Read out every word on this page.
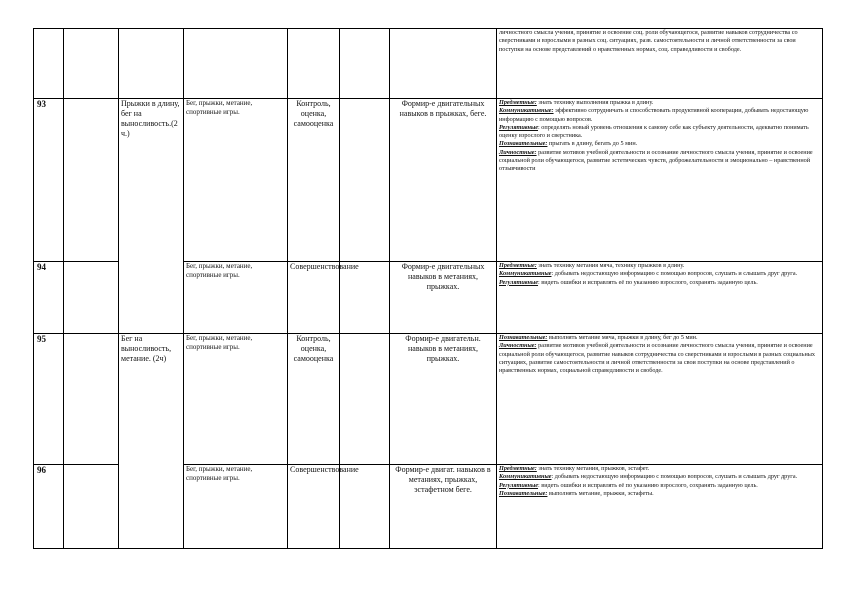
							личностного смысла учения, принятие и освоение соц. роли обучающегося, развитие навыков сотрудничества со сверстниками и взрослыми в разных соц. ситуациях, разв. самостоятельности и личной ответственности за свои поступки на основе представлений о нравственных нормах, соц. справедливости и свободе.

93		Прыжки в длину, бег на выносливость.(2 ч.)	Бег, прыжки, метание, спортивные игры.	Контроль, оценка, самооценка		Формир-е двигательных навыков в прыжках, беге.	Предметные: знать технику выполнения прыжка в длину.

Коммуникативные: эффективно сотрудничать и способствовать продуктивной кооперации, добывать недостающую информацию с помощью вопросов.

Регулятивные: определять новый уровень отношения к самому себе как субъекту деятельности, адекватно понимать оценку взрослого и сверстника.

Познавательные: прыгать в длину, бегать до 5 мин.

Личностные: развитие мотивов учебной деятельности и осознание личностного смысла учения, принятие и освоение социальной роли обучающегося, развитие эстетических чувств, доброжелательности и эмоционально – нравственной отзывчивости

94			Бег, прыжки, метание, спортивные игры.	Совершенствование		Формир-е двигательных навыков в метаниях, прыжках.	Предметные: знать технику метания мяча, технику прыжков в длину.

Коммуникативные: добывать недостающую информацию с помощью вопросов, слушать и слышать друг друга.

Регулятивные: видеть ошибки и исправлять её по указанию взрослого, сохранять заданную цель.

95		Бег на выносливость, метание. (2ч)	Бег, прыжки, метание, спортивные игры.	Контроль, оценка, самооценка		Формир-е двигательн. навыков в метаниях, прыжках.	Познавательные: выполнять метание мяча, прыжки в длину, бег до 5 мин.

Личностные: развитие мотивов учебной деятельности и осознание личностного смысла учения, принятие и освоение социальной роли обучающегося, развитие навыков сотрудничества со сверстниками и взрослыми в разных социальных ситуациях, развитие самостоятельности и личной ответственности за свои поступки на основе представлений о нравственных нормах, социальной справедливости и свободе.

96			Бег, прыжки, метание, спортивные игры.	Совершенствование		Формир-е двигат. навыков в метаниях, прыжках, эстафетном беге.	Предметные: знать технику метания, прыжков, эстафет.

Коммуникативные: добывать недостающую информацию с помощью вопросов, слушать и слышать друг друга.

Регулятивные: видеть ошибки и исправлять её по указанию взрослого, сохранять заданную цель.

Познавательные: выполнять метание, прыжки, эстафеты.
